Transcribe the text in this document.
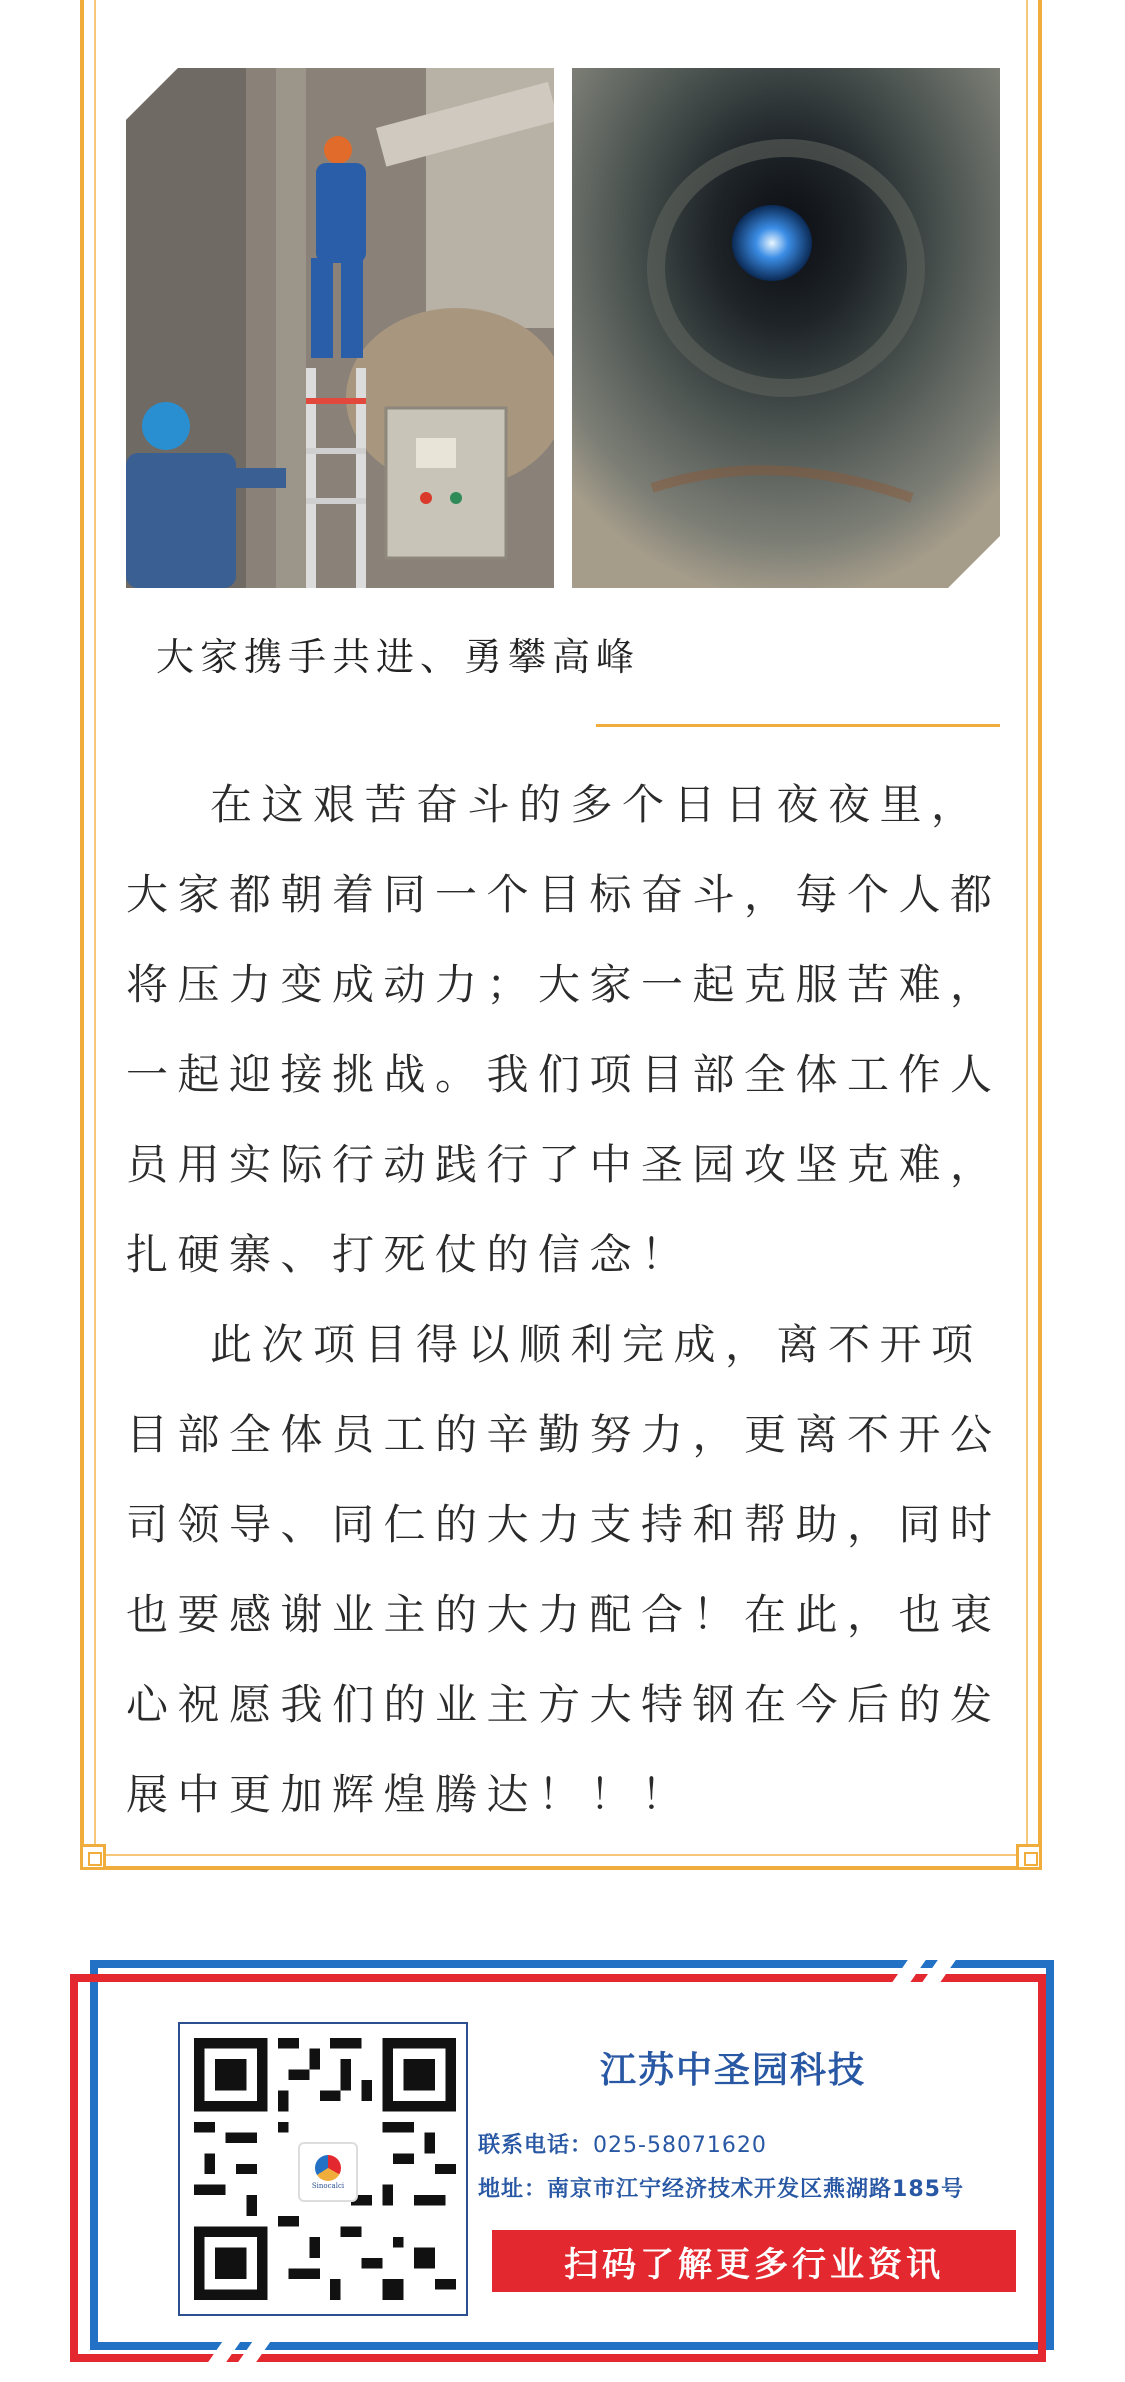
大家携手共进、勇攀高峰

在这艰苦奋斗的多个日日夜夜里，大家都朝着同一个目标奋斗，每个人都将压力变成动力；大家一起克服苦难，一起迎接挑战。我们项目部全体工作人员用实际行动践行了中圣园攻坚克难，扎硬寨、打死仗的信念！

此次项目得以顺利完成，离不开项目部全体员工的辛勤努力，更离不开公司领导、同仁的大力支持和帮助，同时也要感谢业主的大力配合！在此，也衷心祝愿我们的业主方大特钢在今后的发展中更加辉煌腾达！！！

Sinocalci
江苏中圣园科技
联系电话：025-58071620
地址：南京市江宁经济技术开发区燕湖路185号
扫码了解更多行业资讯
